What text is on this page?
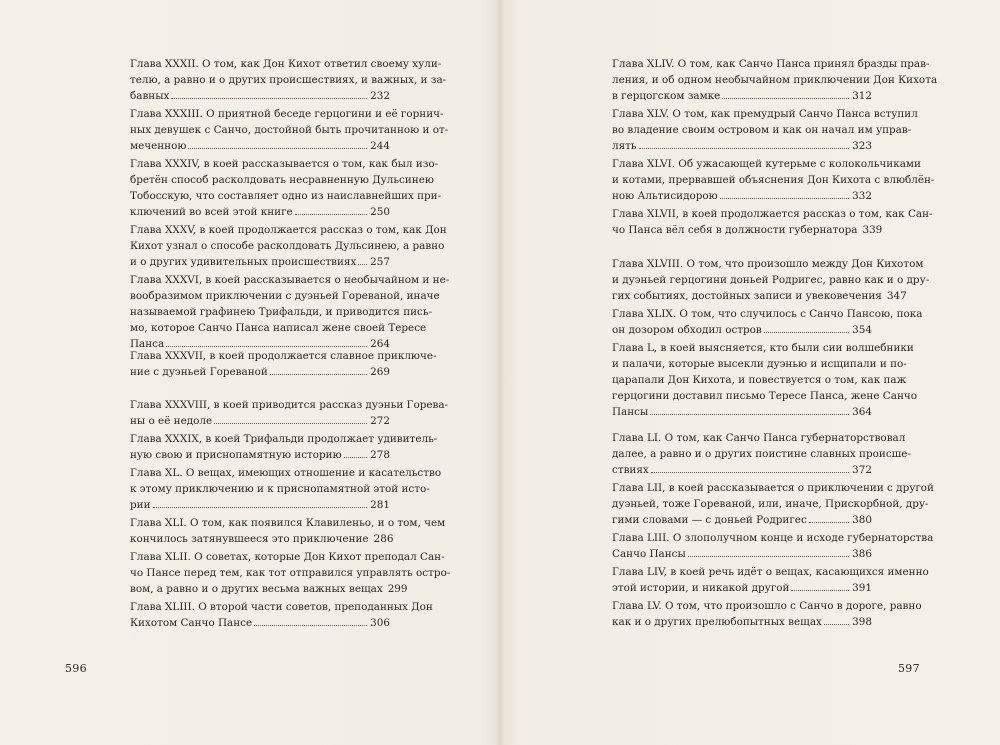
Глава XXXII. О том, как Дон Кихот ответил своему хули-
телю, а равно и о других происшествиях, и важных, и за-
бавных	232
Глава XXXIII. О приятной беседе герцогини и её горнич-
ных девушек с Санчо, достойной быть прочитанною и от-
меченною	244
Глава XXXIV, в коей рассказывается о том, как был изо-
бретён способ расколдовать несравненную Дульсинею
Тобосскую, что составляет одно из наиславнейших при-
ключений во всей этой книге	250
Глава XXXV, в коей продолжается рассказ о том, как Дон
Кихот узнал о способе расколдовать Дульсинею, а равно
и о других удивительных происшествиях 257
Глава XXXVI, в коей рассказывается о необычайном и не-
вообразимом приключении с дуэньей Гореваной, иначе
называемой графинею Трифальди, и приводится пись-
мо, которое Санчо Панса написал жене своей Тересе
Панса	264
Глава XXXVII, в коей продолжается славное приключе-
ние с дуэньей Гореваной	269
Глава XXXVIII, в коей приводится рассказ дуэньи Горева-
ны о её недоле	272
Глава XXXIX, в коей Трифальди продолжает удивитель-
ную свою и приснопамятную историю	278
Глава XL. О вещах, имеющих отношение и касательство
к этому приключению и к приснопамятной этой исто-
рии	281
Глава XLI. О том, как появился Клавиленьо, и о том, чем
кончилось затянувшееся это приключение 286
Глава XLII. О советах, которые Дон Кихот преподал Сан-
чо Пансе перед тем, как тот отправился управлять остро-
вом, а равно и о других весьма важных вещах 299
Глава XLIII. О второй части советов, преподанных Дон
Кихотом Санчо Пансе	306
Глава XLIV. О том, как Санчо Панса принял бразды прав-
ления, и об одном необычайном приключении Дон Кихота
в герцогском замке	312
Глава XLV. О том, как премудрый Санчо Панса вступил
во владение своим островом и как он начал им управ-
лять	323
Глава XLVI. Об ужасающей кутерьме с колокольчиками
и котами, прервавшей объяснения Дон Кихота с влюблён-
ною Альтисидорою	332
Глава XLVII, в коей продолжается рассказ о том, как Сан-
чо Панса вёл себя в должности губернатора 339
Глава XLVIII. О том, что произошло между Дон Кихотом
и дуэньей герцогини доньей Родригес, равно как и о дру-
гих событиях, достойных записи и увековечения 347
Глава XLIX. О том, что случилось с Санчо Пансою, пока
он дозором обходил остров	354
Глава L, в коей выясняется, кто были сии волшебники
и палачи, которые высекли дуэнью и исщипали и по-
царапали Дон Кихота, и повествуется о том, как паж
герцогини доставил письмо Тересе Панса, жене Санчо
Пансы	364
Глава LI. О том, как Санчо Панса губернаторствовал
далее, а равно и о других поистине славных происше-
ствиях	372
Глава LII, в коей рассказывается о приключении с другой
дуэньей, тоже Гореваной, или, иначе, Прискорбной, дру-
гими словами — с доньей Родригес	380
Глава LIII. О злополучном конце и исходе губернаторства
Санчо Пансы	386
Глава LIV, в коей речь идёт о вещах, касающихся именно
этой истории, и никакой другой	391
Глава LV. О том, что произошло с Санчо в дороге, равно
как и о других прелюбопытных вещах	398
596	597
